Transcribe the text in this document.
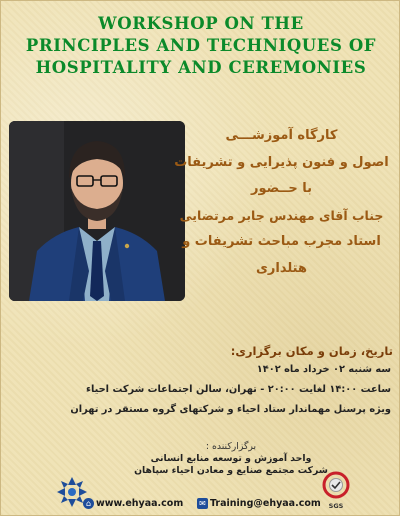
WORKSHOP ON THE
PRINCIPLES AND TECHNIQUES OF
HOSPITALITY AND CEREMONIES
کارگاه آموزشـــی
اصول و فنون پذیرایی و تشریفات
با حــضور
جناب آقای مهندس جابر مرتضایی
استاد مجرب مباحث تشریفات و
هتلداری
تاریخ، زمان و مکان برگزاری:
سه شنبه ۰۲ خرداد ماه ۱۴۰۲
ساعت ۱۴:۰۰ لغایت ۲۰:۰۰ - تهران، سالن اجتماعات شرکت احیاء
ویژه پرسنل مهماندار ستاد احیاء و شرکتهای گروه مستقر در تهران
برگزارکننده :
واحد آموزش و توسعه منابع انسانی
شرکت مجتمع صنایع و معادن احیاء سپاهان
⌂ www.ehyaa.com ✉ Training@ehyaa.com SGS
